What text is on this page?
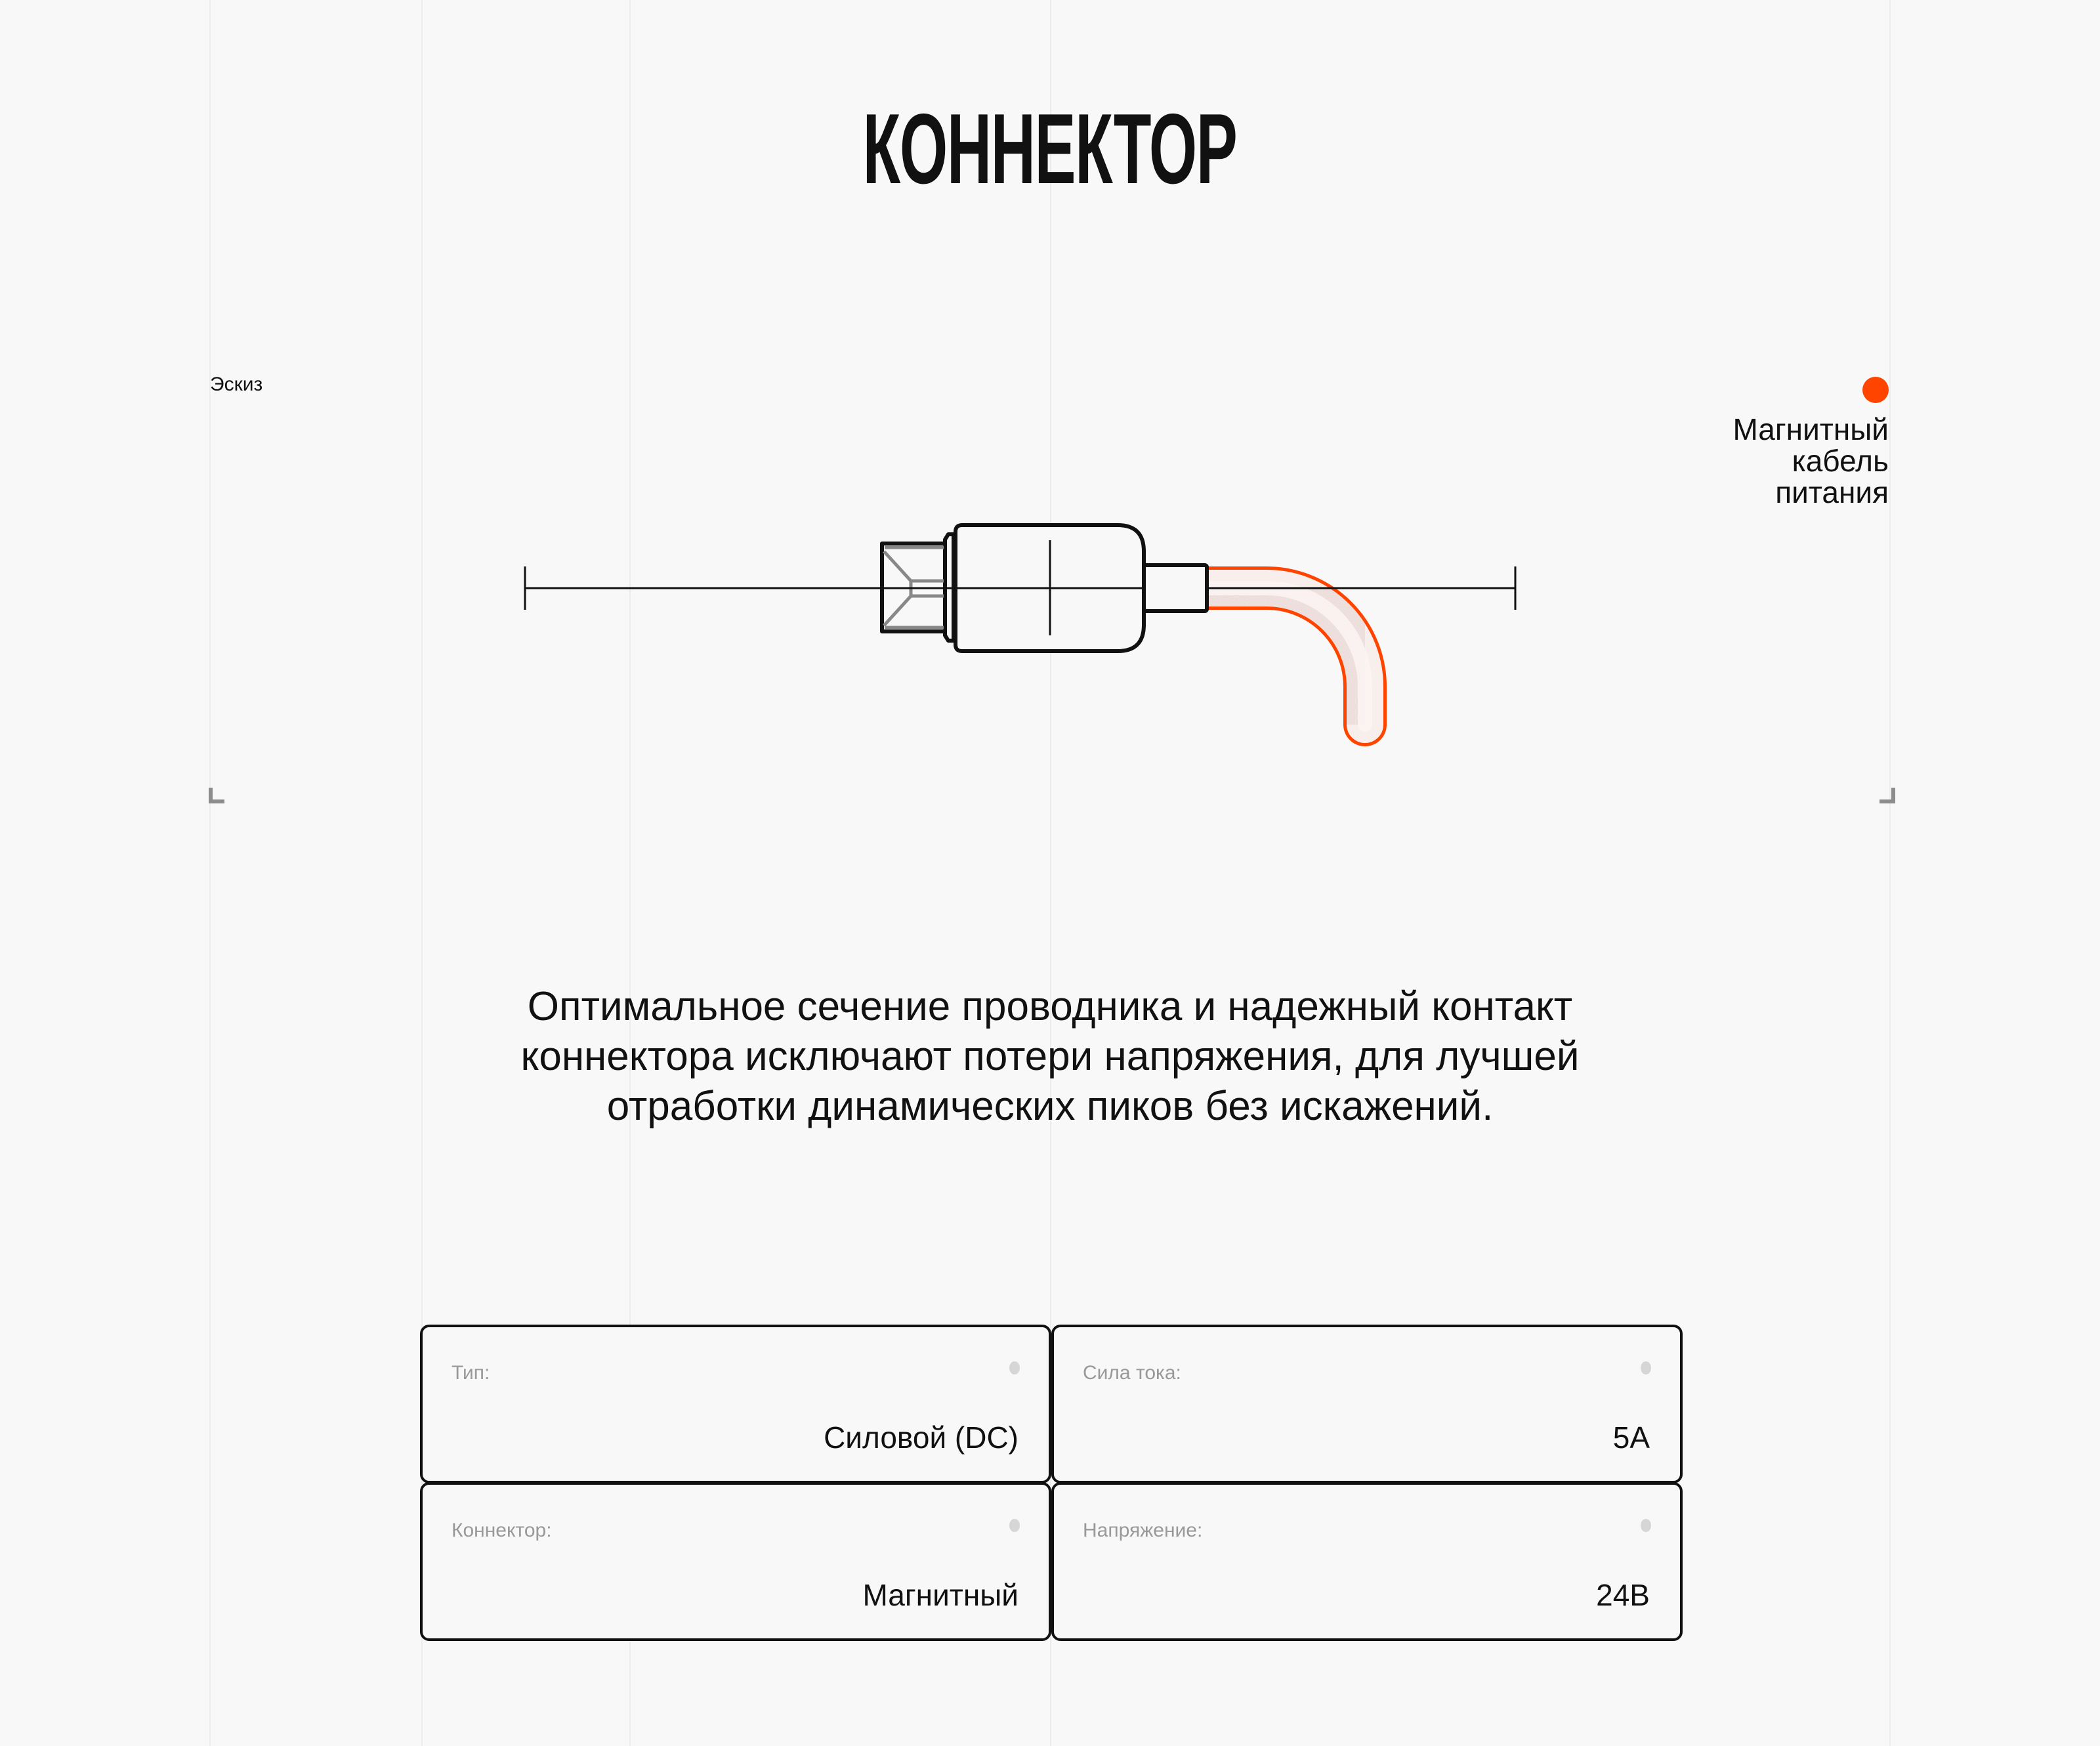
КОННЕКТОР
Эскиз
Магнитный
кабель
питания
Оптимальное сечение проводника и надежный контакт
коннектора исключают потери напряжения, для лучшей
отработки динамических пиков без искажений.
Тип:
Силовой (DC)
Сила тока:
5А
Коннектор:
Магнитный
Напряжение:
24В
